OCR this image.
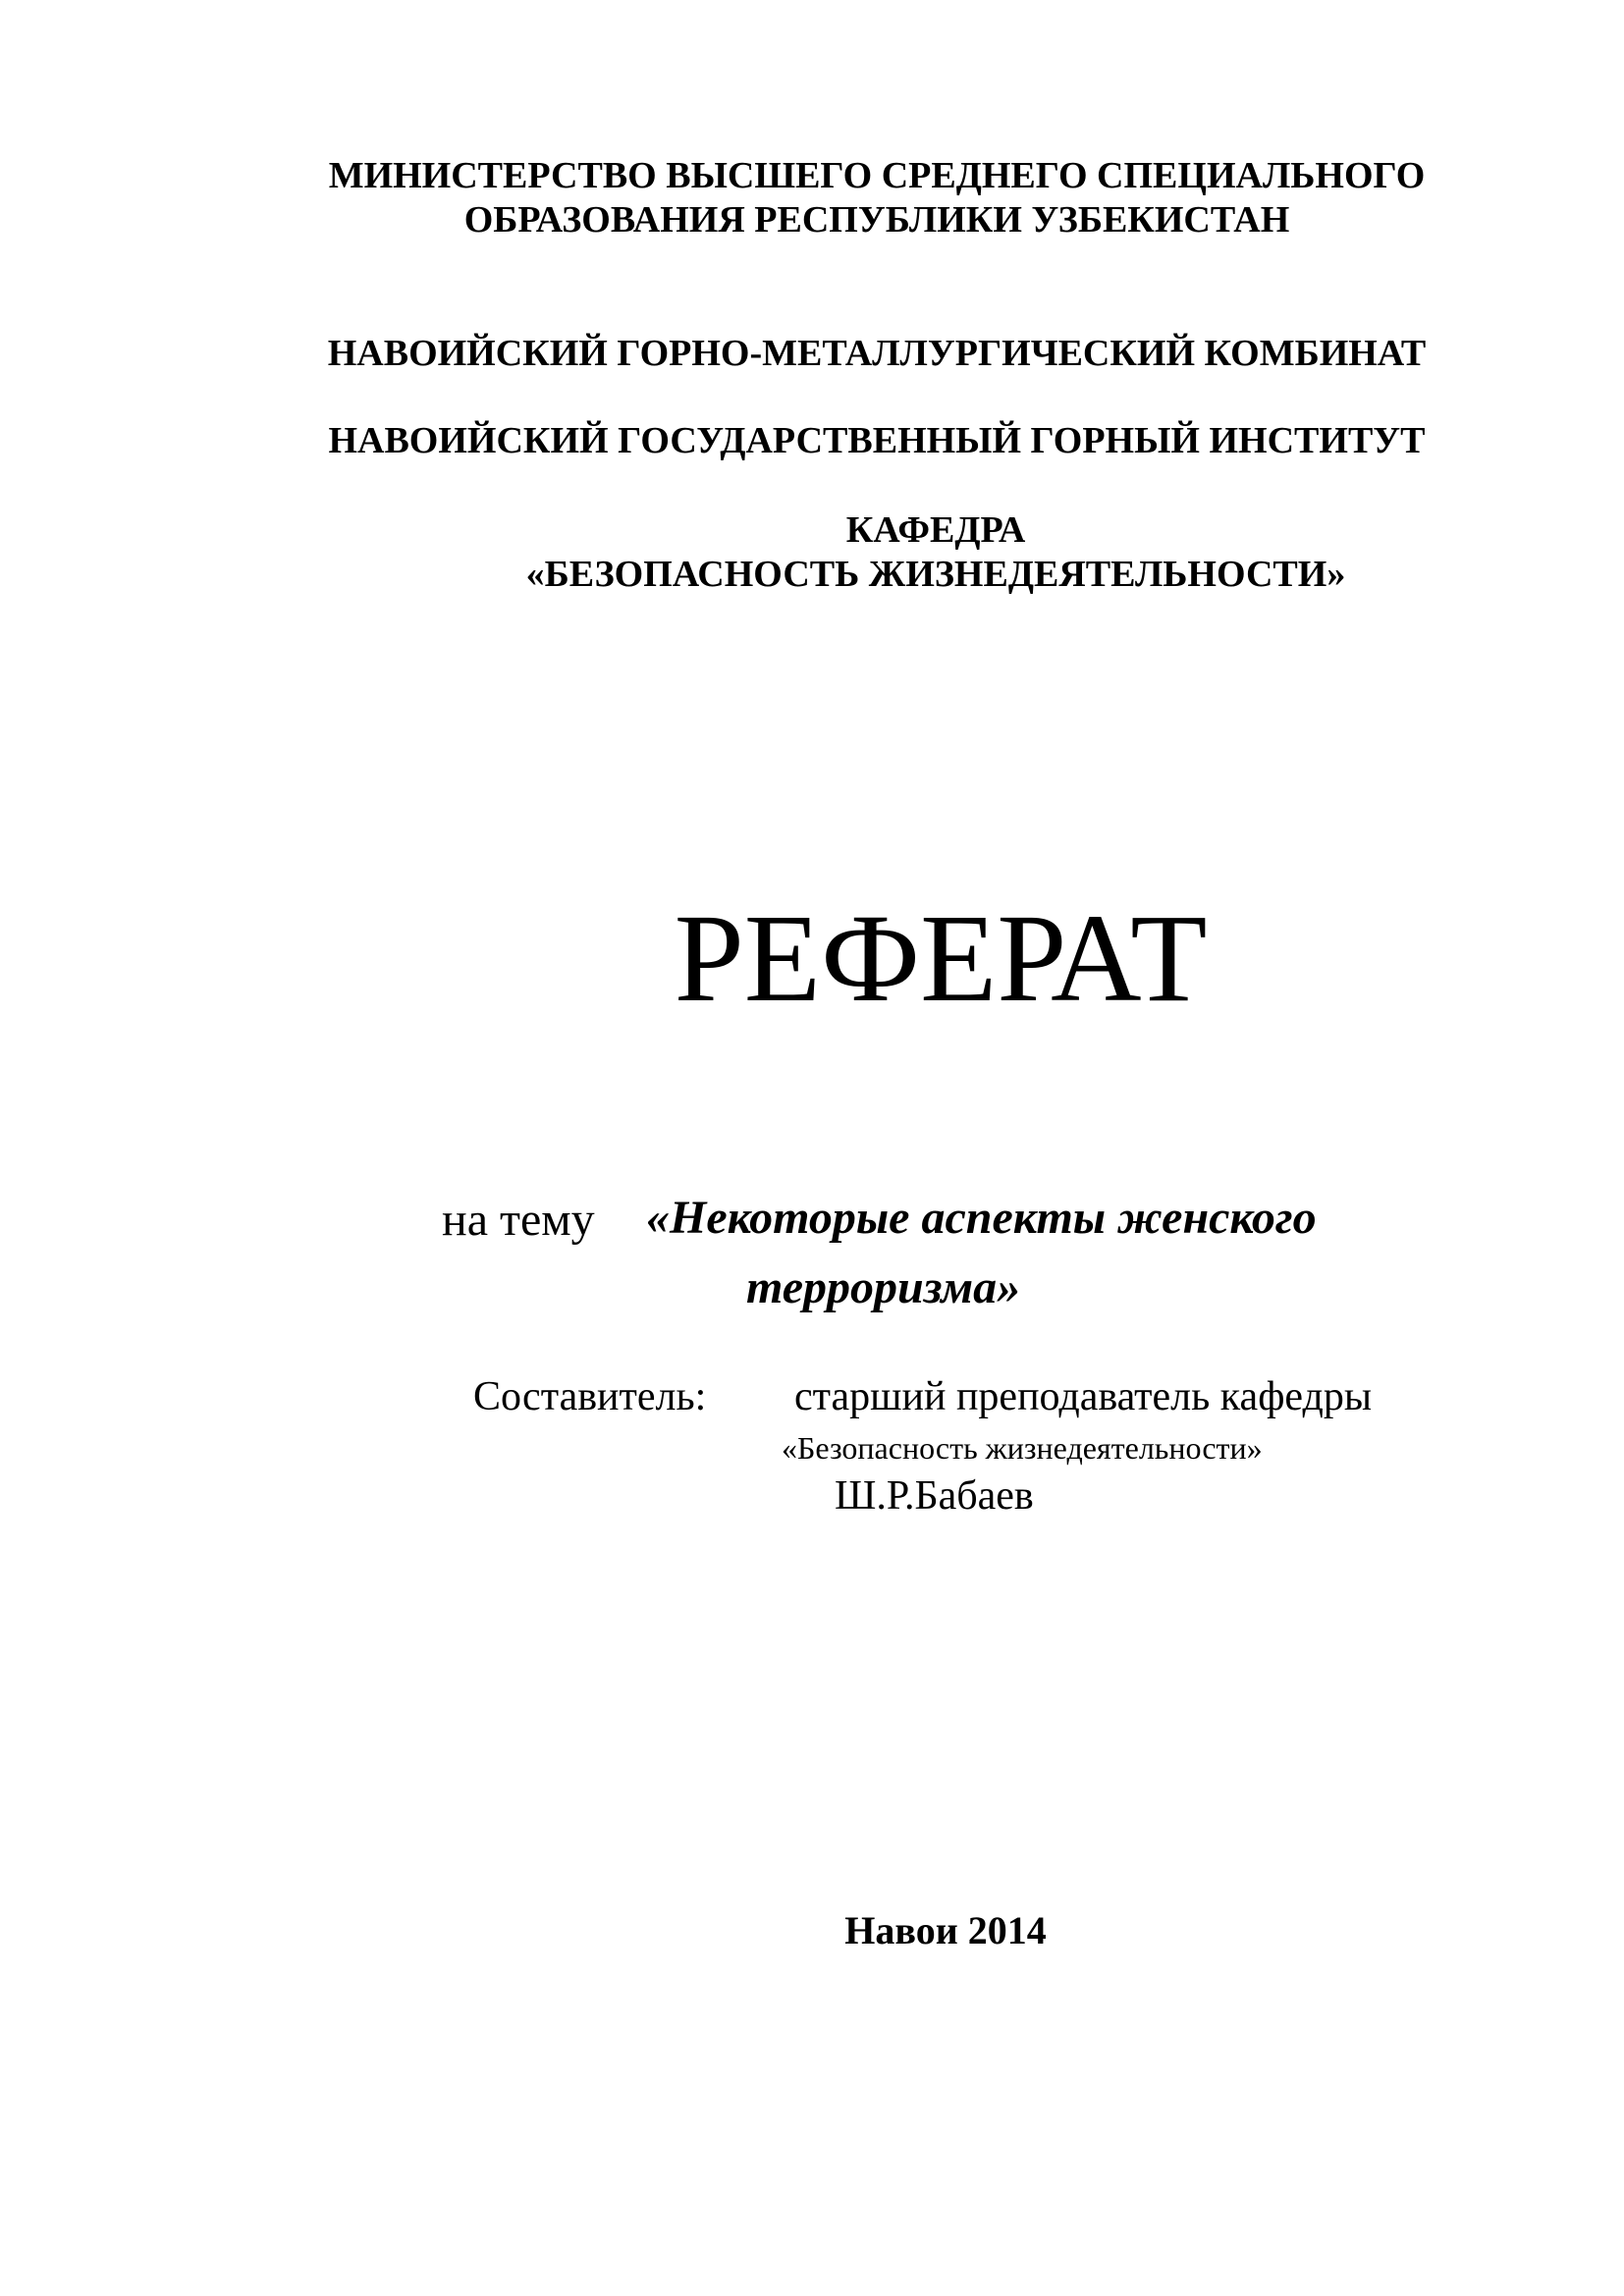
МИНИСТЕРСТВО ВЫСШЕГО СРЕДНЕГО СПЕЦИАЛЬНОГО
ОБРАЗОВАНИЯ РЕСПУБЛИКИ УЗБЕКИСТАН
НАВОИЙСКИЙ ГОРНО-МЕТАЛЛУРГИЧЕСКИЙ КОМБИНАТ
НАВОИЙСКИЙ ГОСУДАРСТВЕННЫЙ ГОРНЫЙ ИНСТИТУТ
КАФЕДРА
«БЕЗОПАСНОСТЬ ЖИЗНЕДЕЯТЕЛЬНОСТИ»
РЕФЕРАТ
на тему «Некоторые аспекты женского
терроризма»
Составитель: старший преподаватель кафедры
«Безопасность жизнедеятельности»
Ш.Р.Бабаев
Навои 2014
